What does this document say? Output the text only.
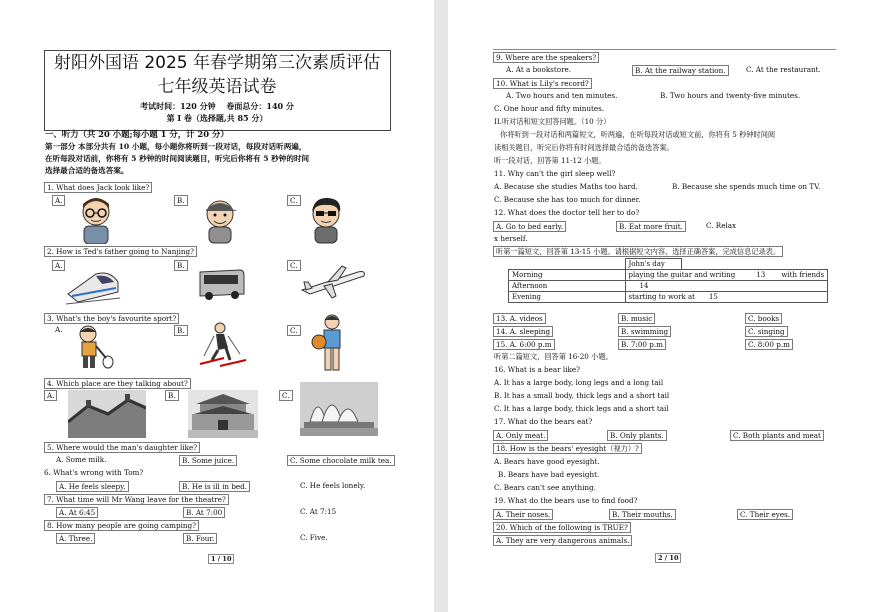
射阳外国语 2025 年春学期第三次素质评估
七年级英语试卷
考试时间：120 分钟　 卷面总分：140 分
第 I 卷（选择题,共 85 分）
一、听力（共 20 小题;每小题 1 分，计 20 分）
第一部分 本部分共有 10 小题，每小题你将听到一段对话，每段对话听两遍，
在听每段对话前，你将有 5 秒钟的时间阅读题目，听完后你将有 5 秒钟的时间
选择最合适的备选答案。
1. What does Jack look like?
A.	B.	C.
2. How is Ted's father going to Nanjing?
A.	B.	C.
3. What's the boy's favourite sport?
A.	B.	C.
4. Which place are they talking about?
A.	B.	C.
5. Where would the man's daughter like?
A. Some milk.	B. Some juice.	C. Some chocolate milk tea.
6. What's wrong with Tom?
A. He feels sleepy.	B. He is ill in bed.	C. He feels lonely.
7. What time will Mr Wang leave for the theatre?
A. At 6:45	B. At 7:00	C. At 7:15
8. How many people are going camping?
A. Three.	B. Four.	C. Five.
1 / 10
9. Where are the speakers?
A. At a bookstore.	B. At the railway station.	C. At the restaurant.
10. What is Lily's record?
A. Two hours and ten minutes.	B. Two hours and twenty-five minutes.
C. One hour and fifty minutes.
II.听对话和短文回答问题。（10 分）
你将听到一段对话和两篇短文，听两遍，在听每段对话或短文前，你将有 5 秒钟时间阅
读相关题目，听完后你将有时间选择最合适的备选答案。
听一段对话，回答第 11-12 小题。
11. Why can't the girl sleep well?
A. Because she studies Maths too hard.	B. Because she spends much time on TV.
C. Because she has too much for dinner.
12. What does the doctor tell her to do?
A. Go to bed early.	B. Eat more fruit.	C. Relax
x herself.
听第一篇短文，回答第 13-15 小题。请根据短文内容，选择正确答案，完成信息记录表。
	John's day	
Morning	playing the guitar and writing　　　13　　 with friends	
Afternoon	14	
Evening	starting to work at　　15	
13. A. videos	B. music	C. books
14. A. sleeping	B. swimming	C. singing
15. A. 6:00 p.m	B. 7:00 p.m	C. 8:00 p.m
听第二篇短文，回答第 16-20 小题。
16. What is a bear like?
A. It has a large body, long legs and a long tail
B. It has a small body, thick legs and a short tail
C. It has a large body, thick legs and a short tail
17. What do the bears eat?
A. Only meat.	B. Only plants.	C. Both plants and meat
18. How is the bears' eyesight（视力）?
A. Bears have good eyesight.
B. Bears have bad eyesight.
C. Bears can't see anything.
19. What do the bears use to find food?
A. Their noses.	B. Their mouths.	C. Their eyes.
20. Which of the following is TRUE?
A. They are very dangerous animals.
2 / 10
